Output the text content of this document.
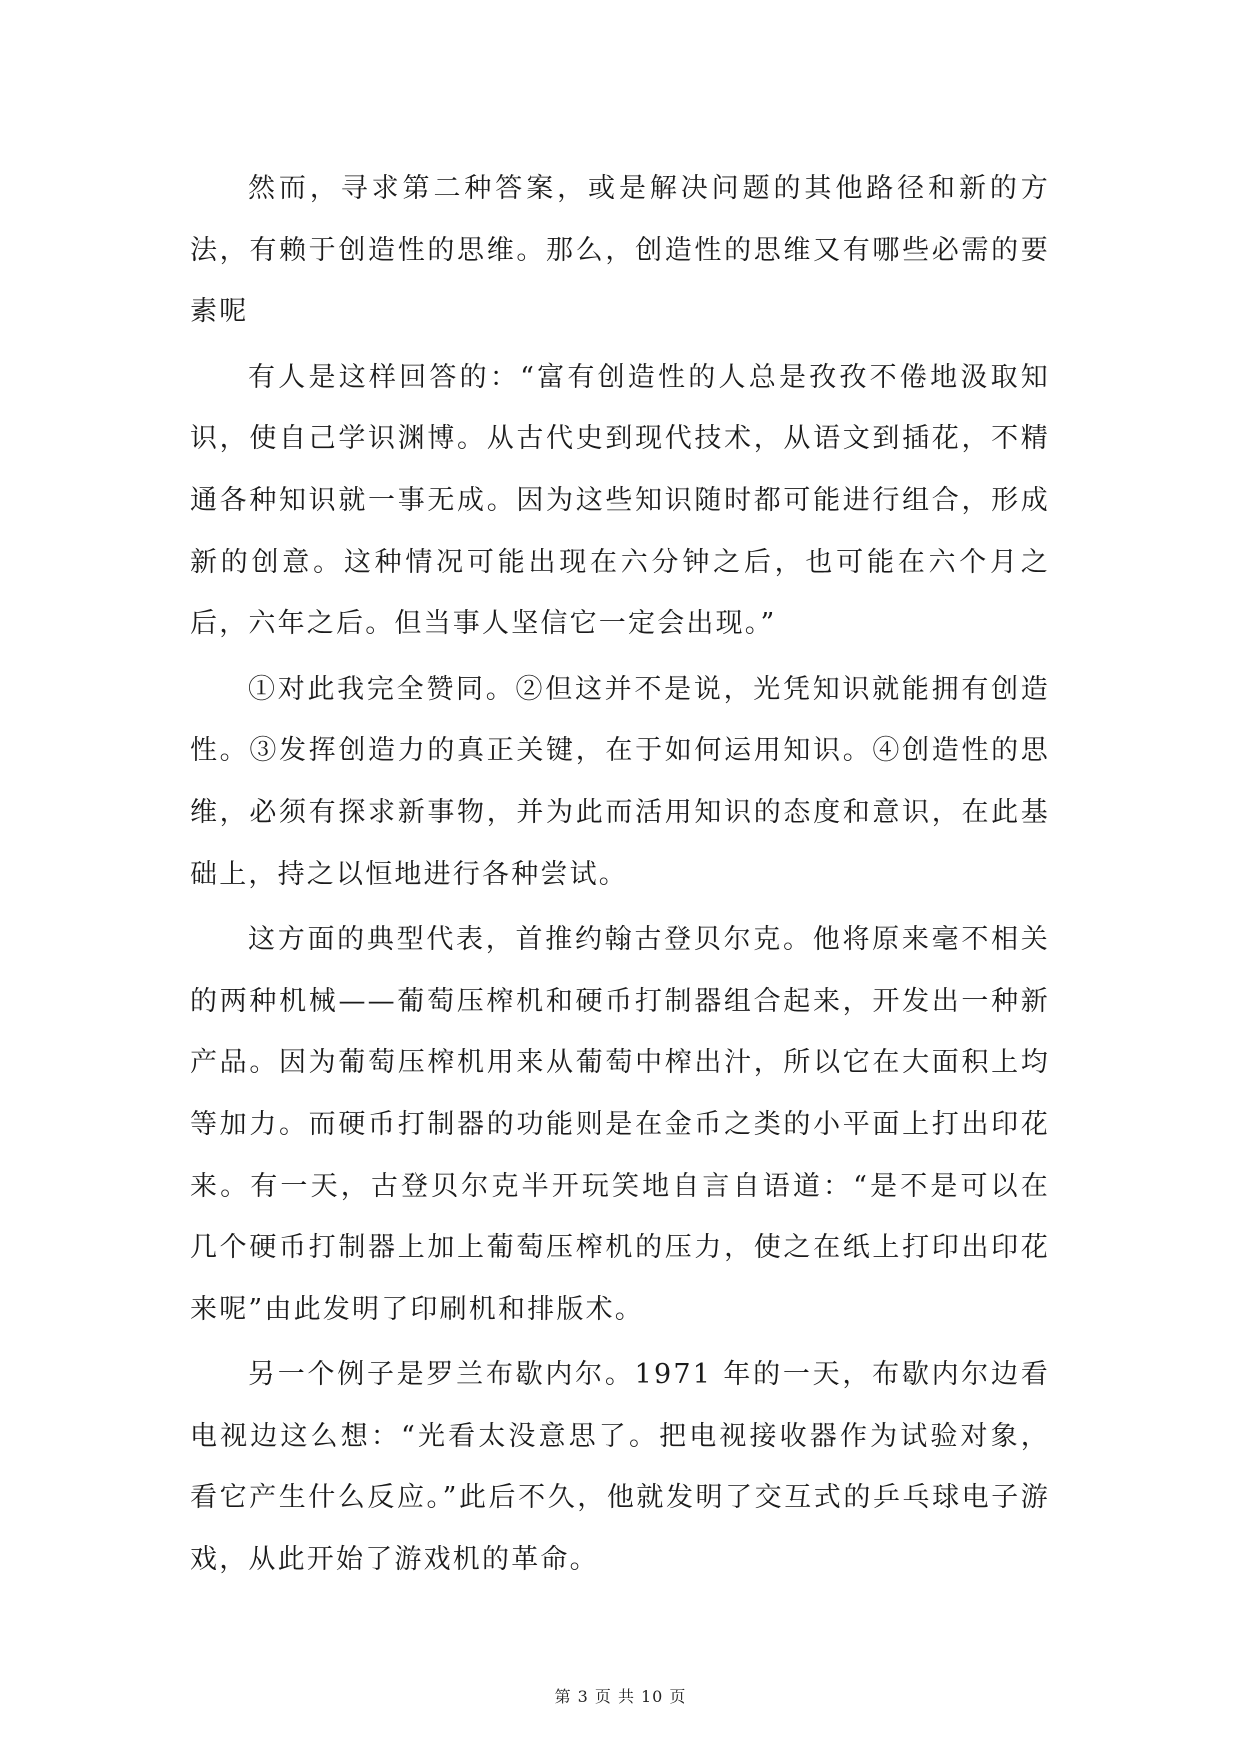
然而，寻求第二种答案，或是解决问题的其他路径和新的方法，有赖于创造性的思维。那么，创造性的思维又有哪些必需的要素呢

有人是这样回答的：“富有创造性的人总是孜孜不倦地汲取知识，使自己学识渊博。从古代史到现代技术，从语文到插花，不精通各种知识就一事无成。因为这些知识随时都可能进行组合，形成新的创意。这种情况可能出现在六分钟之后，也可能在六个月之后，六年之后。但当事人坚信它一定会出现。”

①对此我完全赞同。②但这并不是说，光凭知识就能拥有创造性。③发挥创造力的真正关键，在于如何运用知识。④创造性的思维，必须有探求新事物，并为此而活用知识的态度和意识，在此基础上，持之以恒地进行各种尝试。

这方面的典型代表，首推约翰古登贝尔克。他将原来毫不相关的两种机械——葡萄压榨机和硬币打制器组合起来，开发出一种新产品。因为葡萄压榨机用来从葡萄中榨出汁，所以它在大面积上均等加力。而硬币打制器的功能则是在金币之类的小平面上打出印花来。有一天，古登贝尔克半开玩笑地自言自语道：“是不是可以在几个硬币打制器上加上葡萄压榨机的压力，使之在纸上打印出印花来呢”由此发明了印刷机和排版术。

另一个例子是罗兰布歇内尔。1971 年的一天，布歇内尔边看电视边这么想：“光看太没意思了。把电视接收器作为试验对象，看它产生什么反应。”此后不久，他就发明了交互式的乒乓球电子游戏，从此开始了游戏机的革命。

第 3 页 共 10 页
